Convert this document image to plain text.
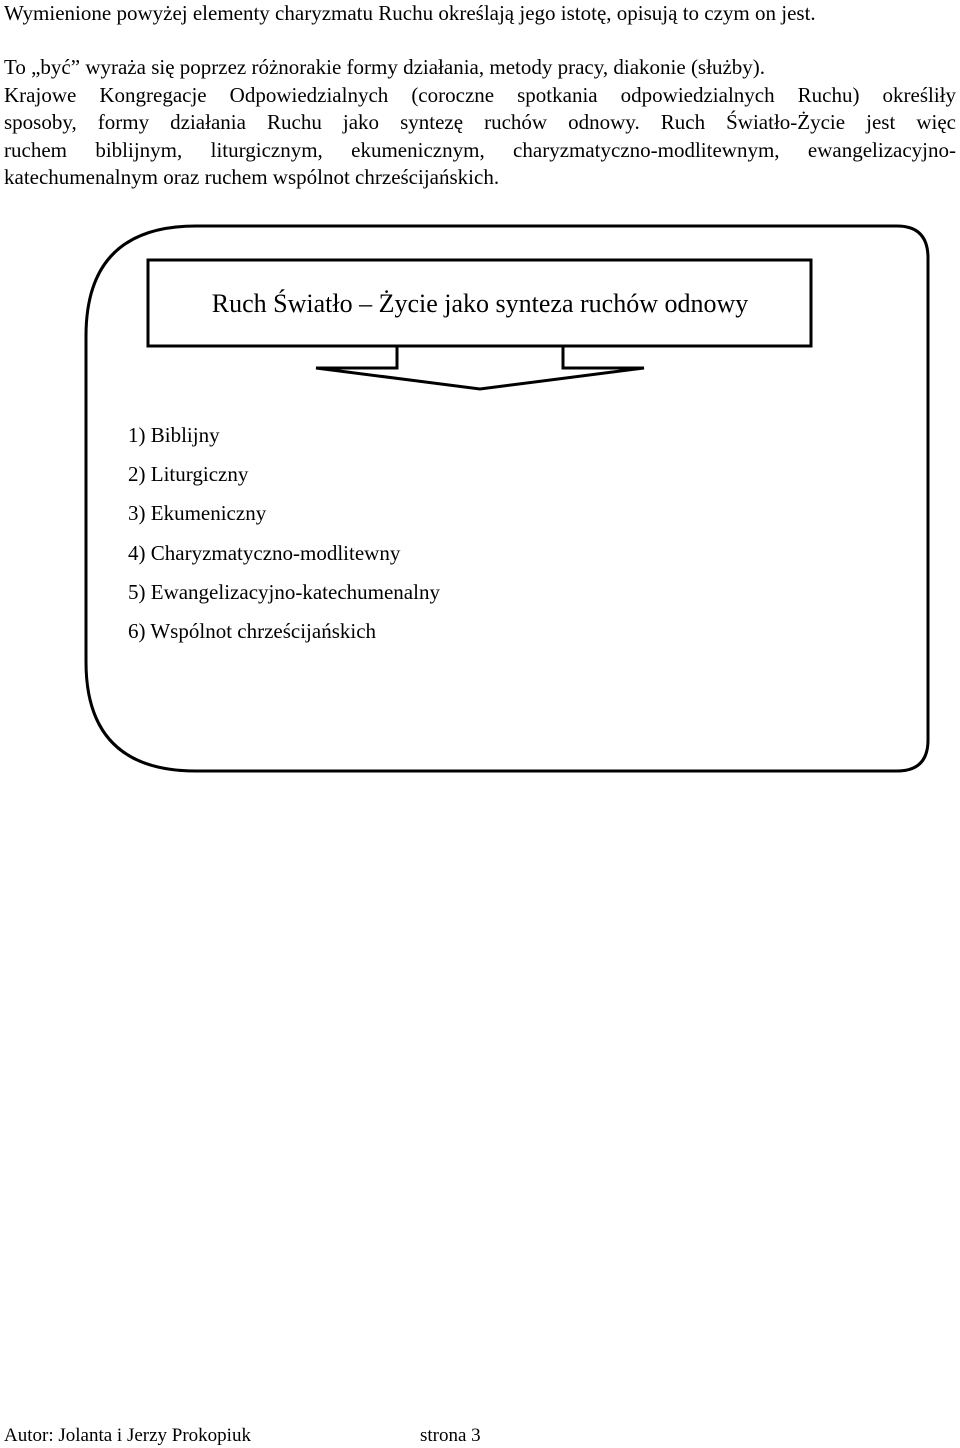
Wymienione powyżej elementy charyzmatu Ruchu określają jego istotę, opisują to czym on jest.

To „być” wyraża się poprzez różnorakie formy działania, metody pracy, diakonie (służby).
Krajowe Kongregacje Odpowiedzialnych (coroczne spotkania odpowiedzialnych Ruchu) określiły
sposoby, formy działania Ruchu jako syntezę ruchów odnowy. Ruch Światło-Życie jest więc
ruchem biblijnym, liturgicznym, ekumenicznym, charyzmatyczno-modlitewnym, ewangelizacyjno-
katechumenalnym oraz ruchem wspólnot chrześcijańskich.
Ruch Światło – Życie jako synteza ruchów odnowy
1) Biblijny
2) Liturgiczny
3) Ekumeniczny
4) Charyzmatyczno-modlitewny
5) Ewangelizacyjno-katechumenalny
6) Wspólnot chrześcijańskich
Autor: Jolanta i Jerzy Prokopiuk	strona 3
